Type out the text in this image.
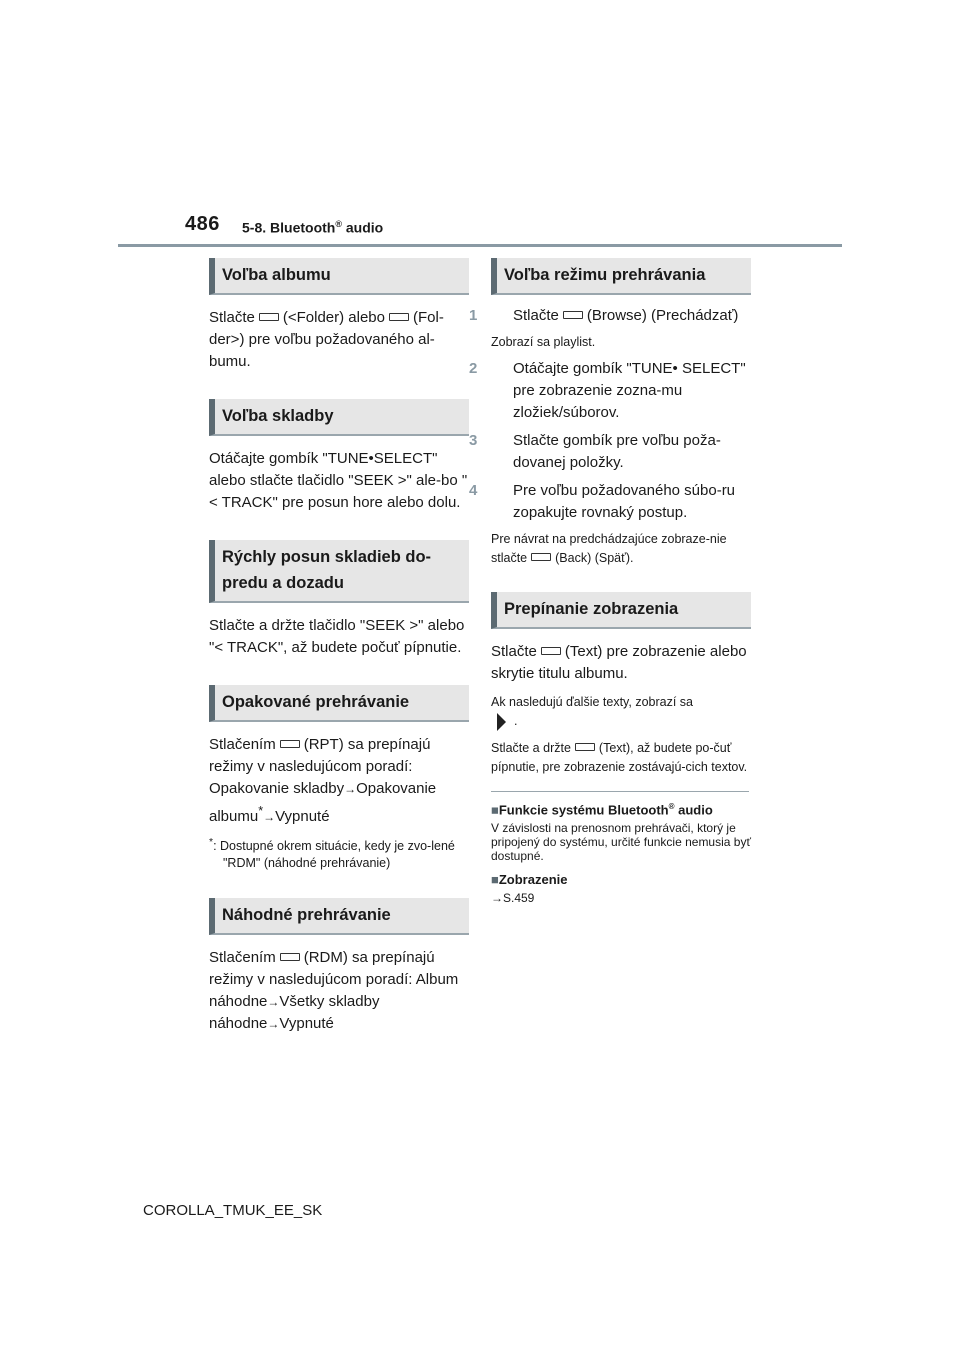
486 5-8. Bluetooth® audio
Voľba albumu

Stlačte (<Folder) alebo (Fol-der>) pre voľbu požadovaného al-bumu.

Voľba skladby

Otáčajte gombík "TUNE•SELECT" alebo stlačte tlačidlo "SEEK >" ale-bo "< TRACK" pre posun hore alebo dolu.

Rýchly posun skladieb do-
predu a dozadu

Stlačte a držte tlačidlo "SEEK >" alebo "< TRACK", až budete počuť pípnutie.

Opakované prehrávanie

Stlačením (RPT) sa prepínajú režimy v nasledujúcom poradí: Opakovanie skladby→Opakovanie albumu*→Vypnuté

*: Dostupné okrem situácie, kedy je zvo-lené "RDM" (náhodné prehrávanie)

Náhodné prehrávanie

Stlačením (RDM) sa prepínajú režimy v nasledujúcom poradí: Album náhodne→Všetky skladby náhodne→Vypnuté

Voľba režimu prehrávania

1 Stlačte (Browse) (Prechádzať)

Zobrazí sa playlist.

2 Otáčajte gombík "TUNE• SELECT" pre zobrazenie zozna-mu zložiek/súborov.

3 Stlačte gombík pre voľbu poža-dovanej položky.

4 Pre voľbu požadovaného súbo-ru zopakujte rovnaký postup.

Pre návrat na predchádzajúce zobraze-nie stlačte (Back) (Späť).

Prepínanie zobrazenia

Stlačte (Text) pre zobrazenie alebo skrytie titulu albumu.

Ak nasledujú ďalšie texty, zobrazí sa
.

Stlačte a držte (Text), až budete po-čuť pípnutie, pre zobrazenie zostávajú-cich textov.

■Funkcie systému Bluetooth® audio

V závislosti na prenosnom prehrávači, ktorý je pripojený do systému, určité funkcie nemusia byť dostupné.

■Zobrazenie

→S.459

COROLLA_TMUK_EE_SK
